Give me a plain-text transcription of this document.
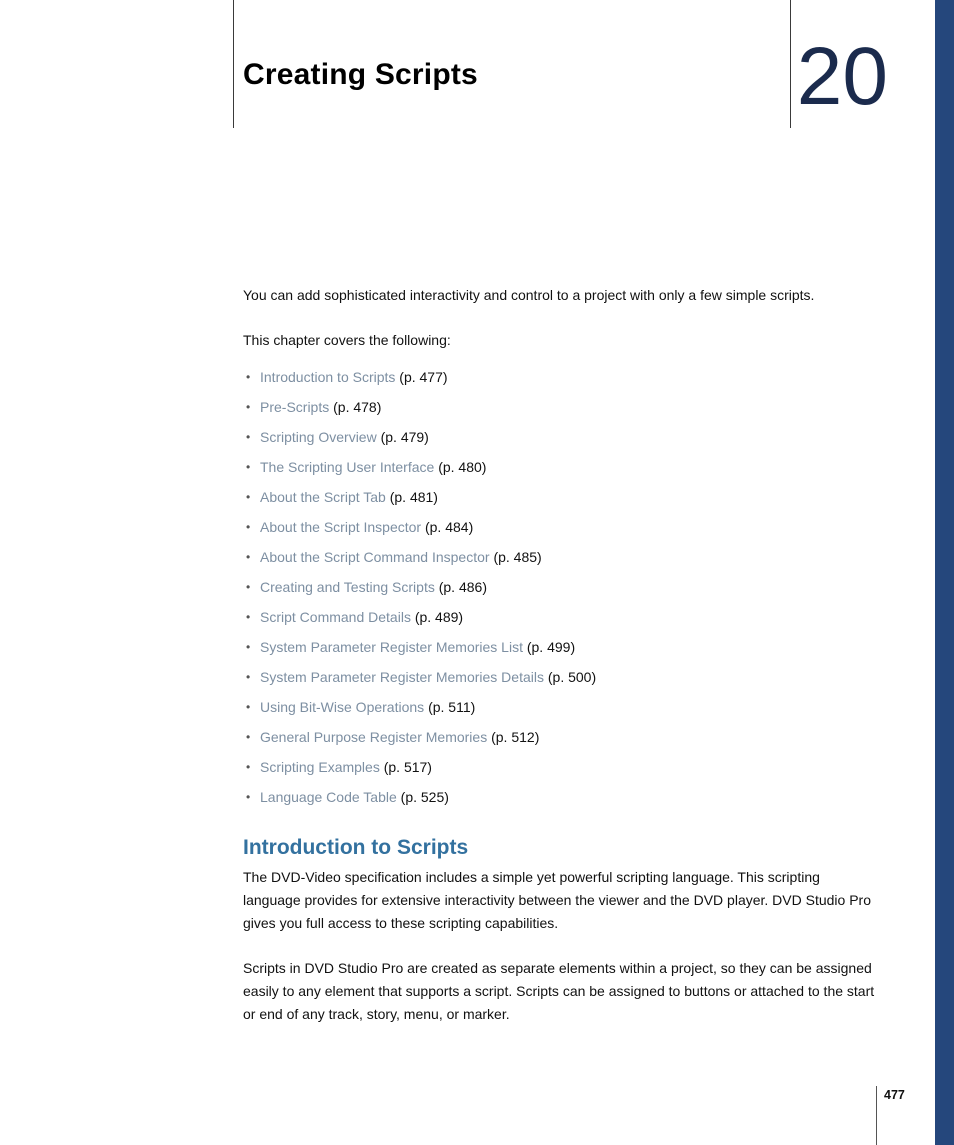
Creating Scripts	20

You can add sophisticated interactivity and control to a project with only a few simple scripts.

This chapter covers the following:

• Introduction to Scripts (p. 477)
• Pre-Scripts (p. 478)
• Scripting Overview (p. 479)
• The Scripting User Interface (p. 480)
• About the Script Tab (p. 481)
• About the Script Inspector (p. 484)
• About the Script Command Inspector (p. 485)
• Creating and Testing Scripts (p. 486)
• Script Command Details (p. 489)
• System Parameter Register Memories List (p. 499)
• System Parameter Register Memories Details (p. 500)
• Using Bit-Wise Operations (p. 511)
• General Purpose Register Memories (p. 512)
• Scripting Examples (p. 517)
• Language Code Table (p. 525)
Introduction to Scripts

The DVD-Video specification includes a simple yet powerful scripting language. This scripting language provides for extensive interactivity between the viewer and the DVD player. DVD Studio Pro gives you full access to these scripting capabilities.

Scripts in DVD Studio Pro are created as separate elements within a project, so they can be assigned easily to any element that supports a script. Scripts can be assigned to buttons or attached to the start or end of any track, story, menu, or marker.

477
